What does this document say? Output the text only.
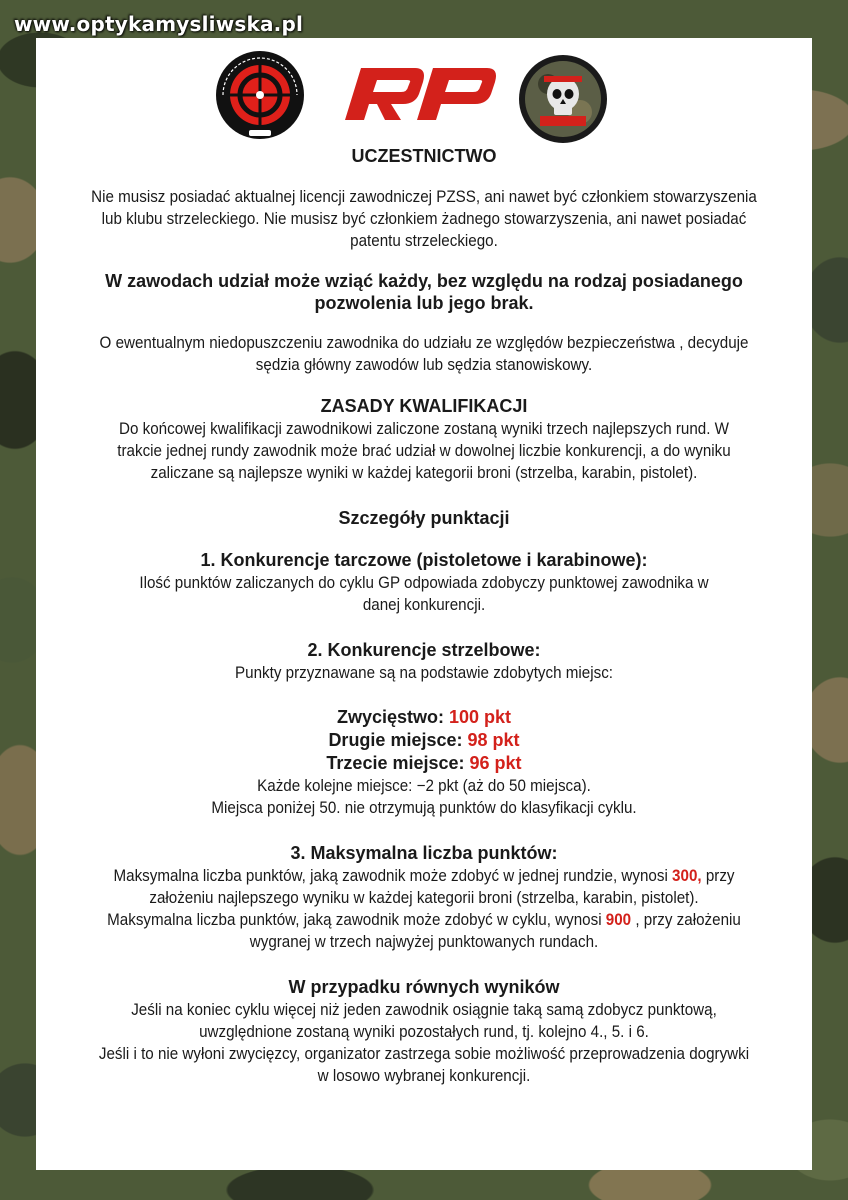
www.optykamysliwska.pl

UCZESTNICTWO

Nie musisz posiadać aktualnej licencji zawodniczej PZSS, ani nawet być członkiem stowarzyszenia lub klubu strzeleckiego. Nie musisz być członkiem żadnego stowarzyszenia, ani nawet posiadać patentu strzeleckiego.

W zawodach udział może wziąć każdy, bez względu na rodzaj posiadanego pozwolenia lub jego brak.

O ewentualnym niedopuszczeniu zawodnika do udziału ze względów bezpieczeństwa , decyduje sędzia główny zawodów lub sędzia stanowiskowy.

ZASADY KWALIFIKACJI

Do końcowej kwalifikacji zawodnikowi zaliczone zostaną wyniki trzech najlepszych rund. W trakcie jednej rundy zawodnik może brać udział w dowolnej liczbie konkurencji, a do wyniku zaliczane są najlepsze wyniki w każdej kategorii broni (strzelba, karabin, pistolet).

Szczegóły punktacji
1. Konkurencje tarczowe (pistoletowe i karabinowe):

Ilość punktów zaliczanych do cyklu GP odpowiada zdobyczy punktowej zawodnika w danej konkurencji.

2. Konkurencje strzelbowe:

Punkty przyznawane są na podstawie zdobytych miejsc:

Zwycięstwo: 100 pkt

Drugie miejsce: 98 pkt

Trzecie miejsce: 96 pkt

Każde kolejne miejsce: −2 pkt (aż do 50 miejsca).

Miejsca poniżej 50. nie otrzymują punktów do klasyfikacji cyklu.

3. Maksymalna liczba punktów:

Maksymalna liczba punktów, jaką zawodnik może zdobyć w jednej rundzie, wynosi 300, przy założeniu najlepszego wyniku w każdej kategorii broni (strzelba, karabin, pistolet).

Maksymalna liczba punktów, jaką zawodnik może zdobyć w cyklu, wynosi 900 , przy założeniu wygranej w trzech najwyżej punktowanych rundach.

W przypadku równych wyników

Jeśli na koniec cyklu więcej niż jeden zawodnik osiągnie taką samą zdobycz punktową, uwzględnione zostaną wyniki pozostałych rund, tj. kolejno 4., 5. i 6.

Jeśli i to nie wyłoni zwycięzcy, organizator zastrzega sobie możliwość przeprowadzenia dogrywki w losowo wybranej konkurencji.
